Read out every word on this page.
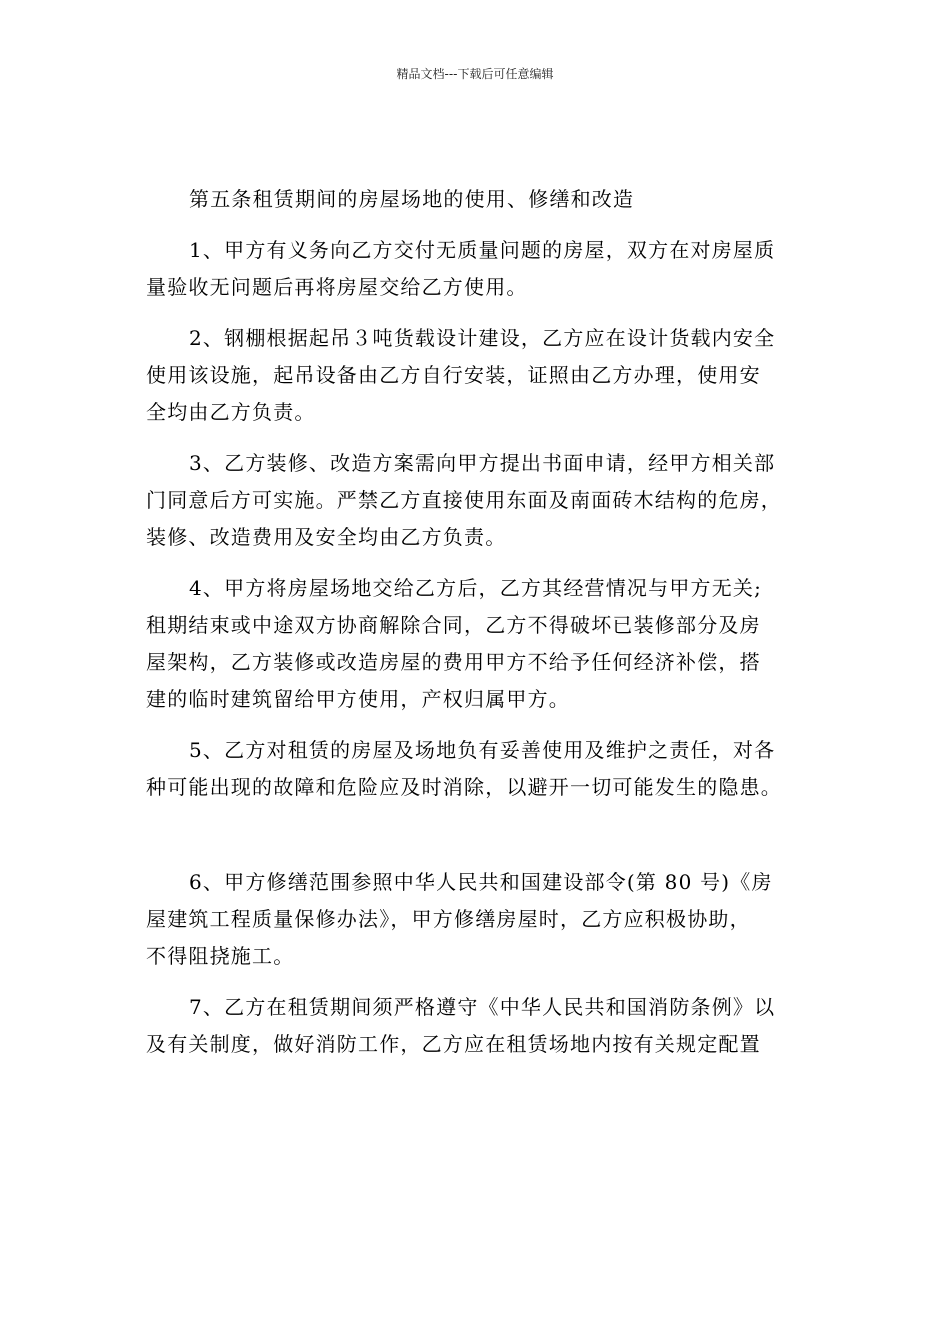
精品文档---下载后可任意编辑
第五条租赁期间的房屋场地的使用、修缮和改造
1、甲方有义务向乙方交付无质量问题的房屋，双方在对房屋质
量验收无问题后再将房屋交给乙方使用。
2、钢棚根据起吊３吨货载设计建设，乙方应在设计货载内安全
使用该设施，起吊设备由乙方自行安装，证照由乙方办理，使用安
全均由乙方负责。
3、乙方装修、改造方案需向甲方提出书面申请，经甲方相关部
门同意后方可实施。严禁乙方直接使用东面及南面砖木结构的危房，
装修、改造费用及安全均由乙方负责。
4、甲方将房屋场地交给乙方后，乙方其经营情况与甲方无关;
租期结束或中途双方协商解除合同，乙方不得破坏已装修部分及房
屋架构，乙方装修或改造房屋的费用甲方不给予任何经济补偿，搭
建的临时建筑留给甲方使用，产权归属甲方。
5、乙方对租赁的房屋及场地负有妥善使用及维护之责任，对各
种可能出现的故障和危险应及时消除，以避开一切可能发生的隐患。
6、甲方修缮范围参照中华人民共和国建设部令(第 80 号)《房
屋建筑工程质量保修办法》，甲方修缮房屋时，乙方应积极协助，
不得阻挠施工。
7、乙方在租赁期间须严格遵守《中华人民共和国消防条例》以
及有关制度，做好消防工作，乙方应在租赁场地内按有关规定配置
